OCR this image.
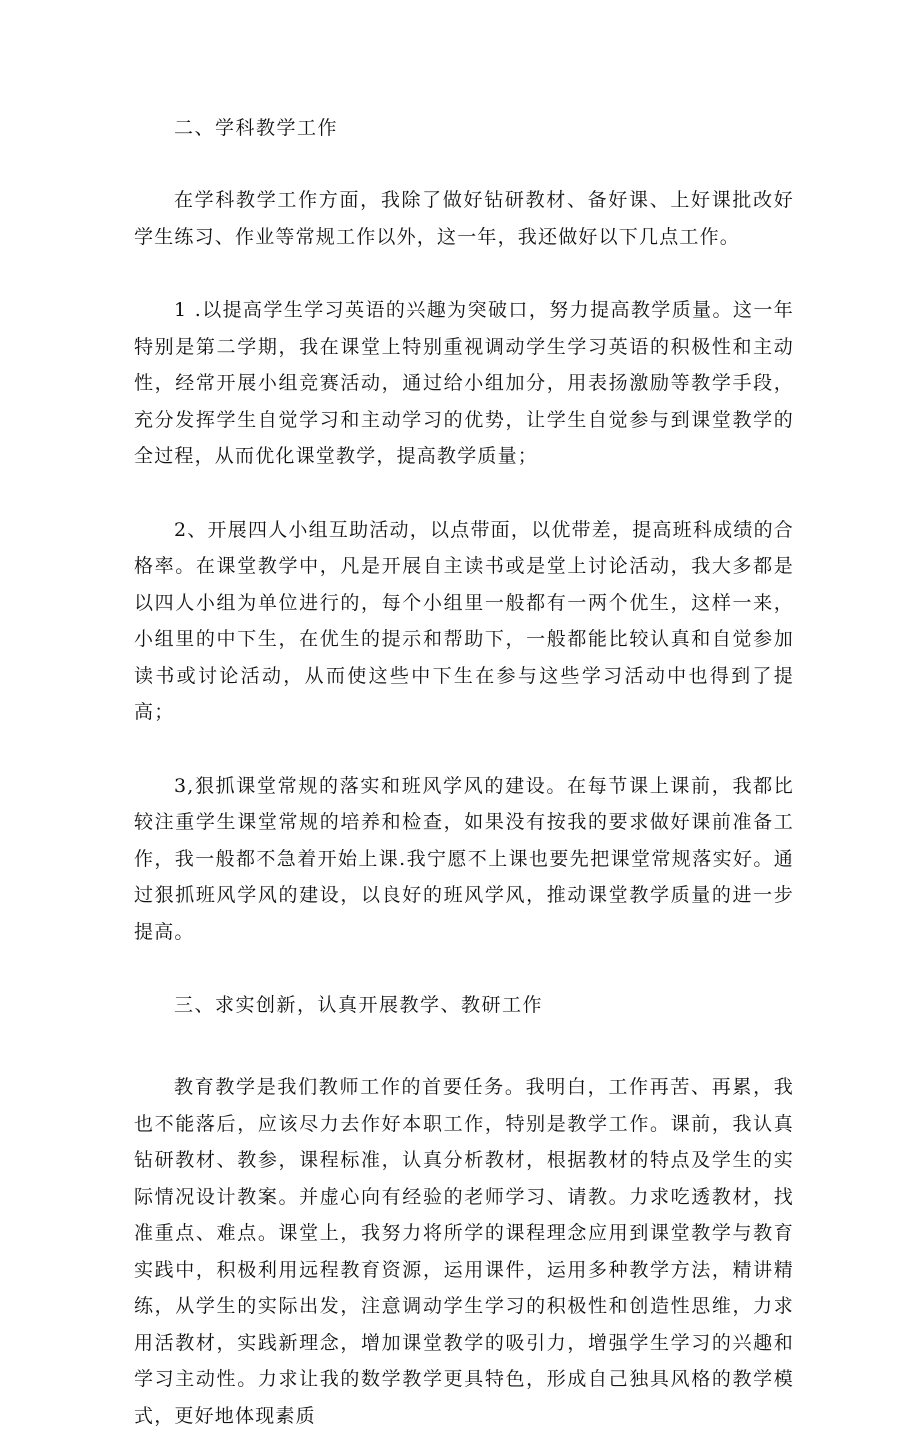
二、学科教学工作

在学科教学工作方面，我除了做好钻研教材、备好课、上好课批改好学生练习、作业等常规工作以外，这一年，我还做好以下几点工作。

1 .以提高学生学习英语的兴趣为突破口，努力提高教学质量。这一年特别是第二学期，我在课堂上特别重视调动学生学习英语的积极性和主动性，经常开展小组竞赛活动，通过给小组加分，用表扬激励等教学手段，充分发挥学生自觉学习和主动学习的优势，让学生自觉参与到课堂教学的全过程，从而优化课堂教学，提高教学质量；

2、开展四人小组互助活动，以点带面，以优带差，提高班科成绩的合格率。在课堂教学中，凡是开展自主读书或是堂上讨论活动，我大多都是以四人小组为单位进行的，每个小组里一般都有一两个优生，这样一来，小组里的中下生，在优生的提示和帮助下，一般都能比较认真和自觉参加读书或讨论活动，从而使这些中下生在参与这些学习活动中也得到了提高；

3,狠抓课堂常规的落实和班风学风的建设。在每节课上课前，我都比较注重学生课堂常规的培养和检查，如果没有按我的要求做好课前准备工作，我一般都不急着开始上课.我宁愿不上课也要先把课堂常规落实好。通过狠抓班风学风的建设，以良好的班风学风，推动课堂教学质量的进一步提高。

三、求实创新，认真开展教学、教研工作

教育教学是我们教师工作的首要任务。我明白，工作再苦、再累，我也不能落后，应该尽力去作好本职工作，特别是教学工作。课前，我认真钻研教材、教参，课程标准，认真分析教材，根据教材的特点及学生的实际情况设计教案。并虚心向有经验的老师学习、请教。力求吃透教材，找准重点、难点。课堂上，我努力将所学的课程理念应用到课堂教学与教育实践中，积极利用远程教育资源，运用课件，运用多种教学方法，精讲精练，从学生的实际出发，注意调动学生学习的积极性和创造性思维，力求用活教材，实践新理念，增加课堂教学的吸引力，增强学生学习的兴趣和学习主动性。力求让我的数学教学更具特色，形成自己独具风格的教学模式，更好地体现素质
